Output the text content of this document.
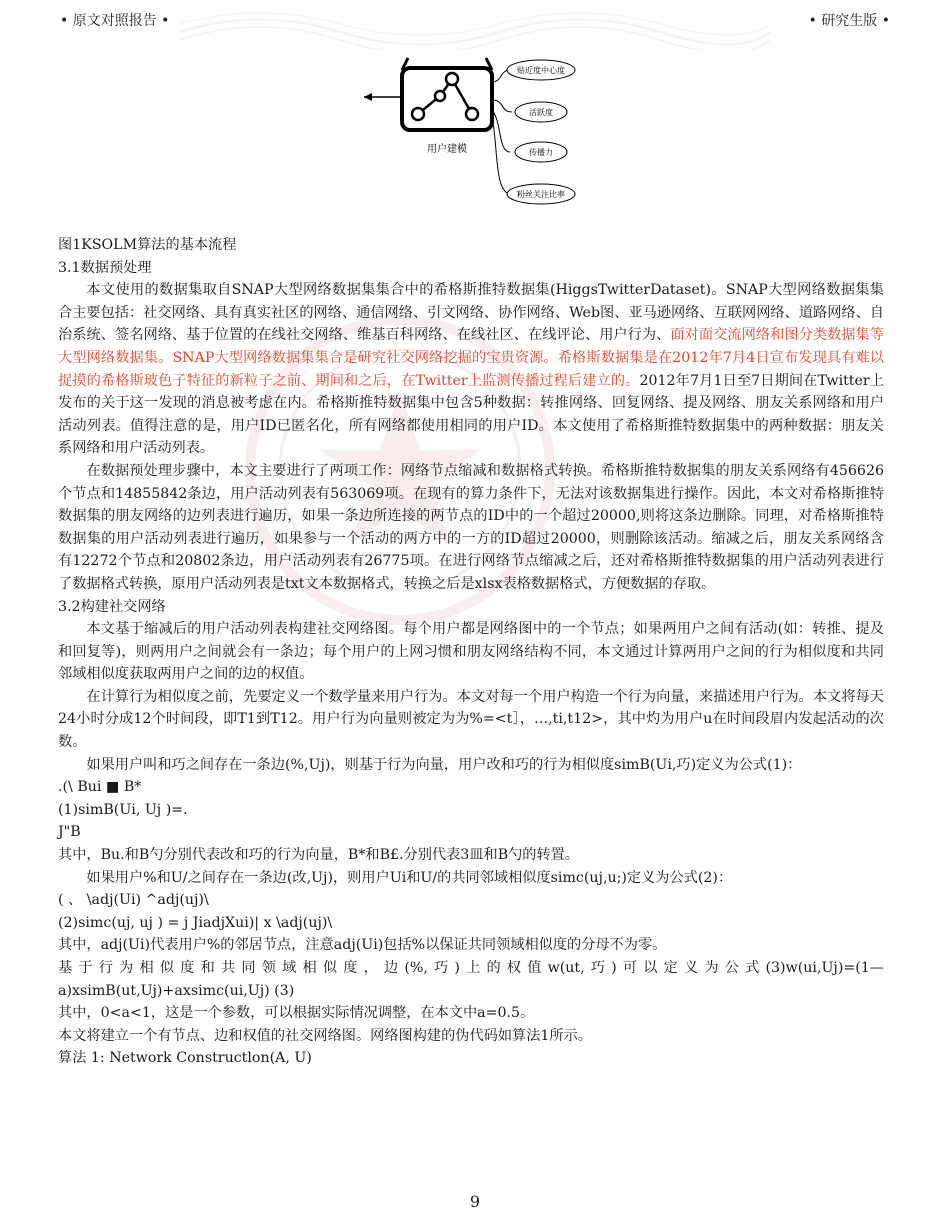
• 原文对照报告 •	• 研究生版 •
用户建模
贴近度中心度
活跃度
传播力
粉丝关注比率

图1KSOLM算法的基本流程

3.1数据预处理

本文使用的数据集取自SNAP大型网络数据集集合中的希格斯推特数据集(HiggsTwitterDataset)。SNAP大型网络数据集集合主要包括：社交网络、具有真实社区的网络、通信网络、引文网络、协作网络、Web图、亚马逊网络、互联网网络、道路网络、自治系统、签名网络、基于位置的在线社交网络、维基百科网络、在线社区、在线评论、用户行为、面对面交流网络和图分类数据集等大型网络数据集。SNAP大型网络数据集集合是研究社交网络挖掘的宝贵资源。希格斯数据集是在2012年7月4日宣布发现具有难以捉摸的希格斯玻色子特征的新粒子之前、期间和之后，在Twitter上监测传播过程后建立的。2012年7月1日至7日期间在Twitter上发布的关于这一发现的消息被考虑在内。希格斯推特数据集中包含5种数据：转推网络、回复网络、提及网络、朋友关系网络和用户活动列表。值得注意的是，用户ID已匿名化，所有网络都使用相同的用户ID。本文使用了希格斯推特数据集中的两种数据：朋友关系网络和用户活动列表。

在数据预处理步骤中，本文主要进行了两项工作：网络节点缩减和数据格式转换。希格斯推特数据集的朋友关系网络有456626个节点和14855842条边，用户活动列表有563069项。在现有的算力条件下，无法对该数据集进行操作。因此，本文对希格斯推特数据集的朋友网络的边列表进行遍历，如果一条边所连接的两节点的ID中的一个超过20000,则将这条边删除。同理，对希格斯推特数据集的用户活动列表进行遍历，如果参与一个活动的两方中的一方的ID超过20000，则删除该活动。缩减之后，朋友关系网络含有12272个节点和20802条边，用户活动列表有26775项。在进行网络节点缩减之后，还对希格斯推特数据集的用户活动列表进行了数据格式转换，原用户活动列表是txt文本数据格式，转换之后是xlsx表格数据格式，方便数据的存取。

3.2构建社交网络

本文基于缩减后的用户活动列表构建社交网络图。每个用户都是网络图中的一个节点；如果两用户之间有活动(如：转推、提及和回复等)，则两用户之间就会有一条边；每个用户的上网习惯和朋友网络结构不同，本文通过计算两用户之间的行为相似度和共同邻域相似度获取两用户之间的边的权值。

在计算行为相似度之前，先要定义一个数学量来用户行为。本文对每一个用户构造一个行为向量，来描述用户行为。本文将每天24小时分成12个时间段，即T1到T12。用户行为向量则被定为为%=<t］，…,ti,t12>，其中灼为用户u在时间段眉内发起活动的次数。

如果用户叫和巧之间存在一条边(%,Uj)，则基于行为向量，用户改和巧的行为相似度simB(Ui,巧)定义为公式(1)：

.(\ Bui ■ B*

(1)simB(Ui, Uj )=.

J"B

其中，Bu.和B勺分别代表改和巧的行为向量，B*和B£.分别代表3皿和B勺的转置。

如果用户%和U/之间存在一条边(改,Uj)，则用户Ui和U/的共同邻域相似度simc(uj,u;)定义为公式(2)：

( 、 \adj(Ui) ^adj(uj)\

(2)simc(uj, uj ) = j JiadjXui)| x \adj(uj)\

其中，adj(Ui)代表用户%的邻居节点，注意adj(Ui)包括%以保证共同领域相似度的分母不为零。

基于行为相似度和共同领域相似度，边(%,巧)上的权值w(ut,巧)可以定义为公式(3)w(ui,Uj)=(1—a)xsimB(ut,Uj)+axsimc(ui,Uj) (3)

其中，0<a<1，这是一个参数，可以根据实际情况调整，在本文中a=0.5。

本文将建立一个有节点、边和权值的社交网络图。网络图构建的伪代码如算法1所示。

算法 1: Network Constructlon(A, U)

9
